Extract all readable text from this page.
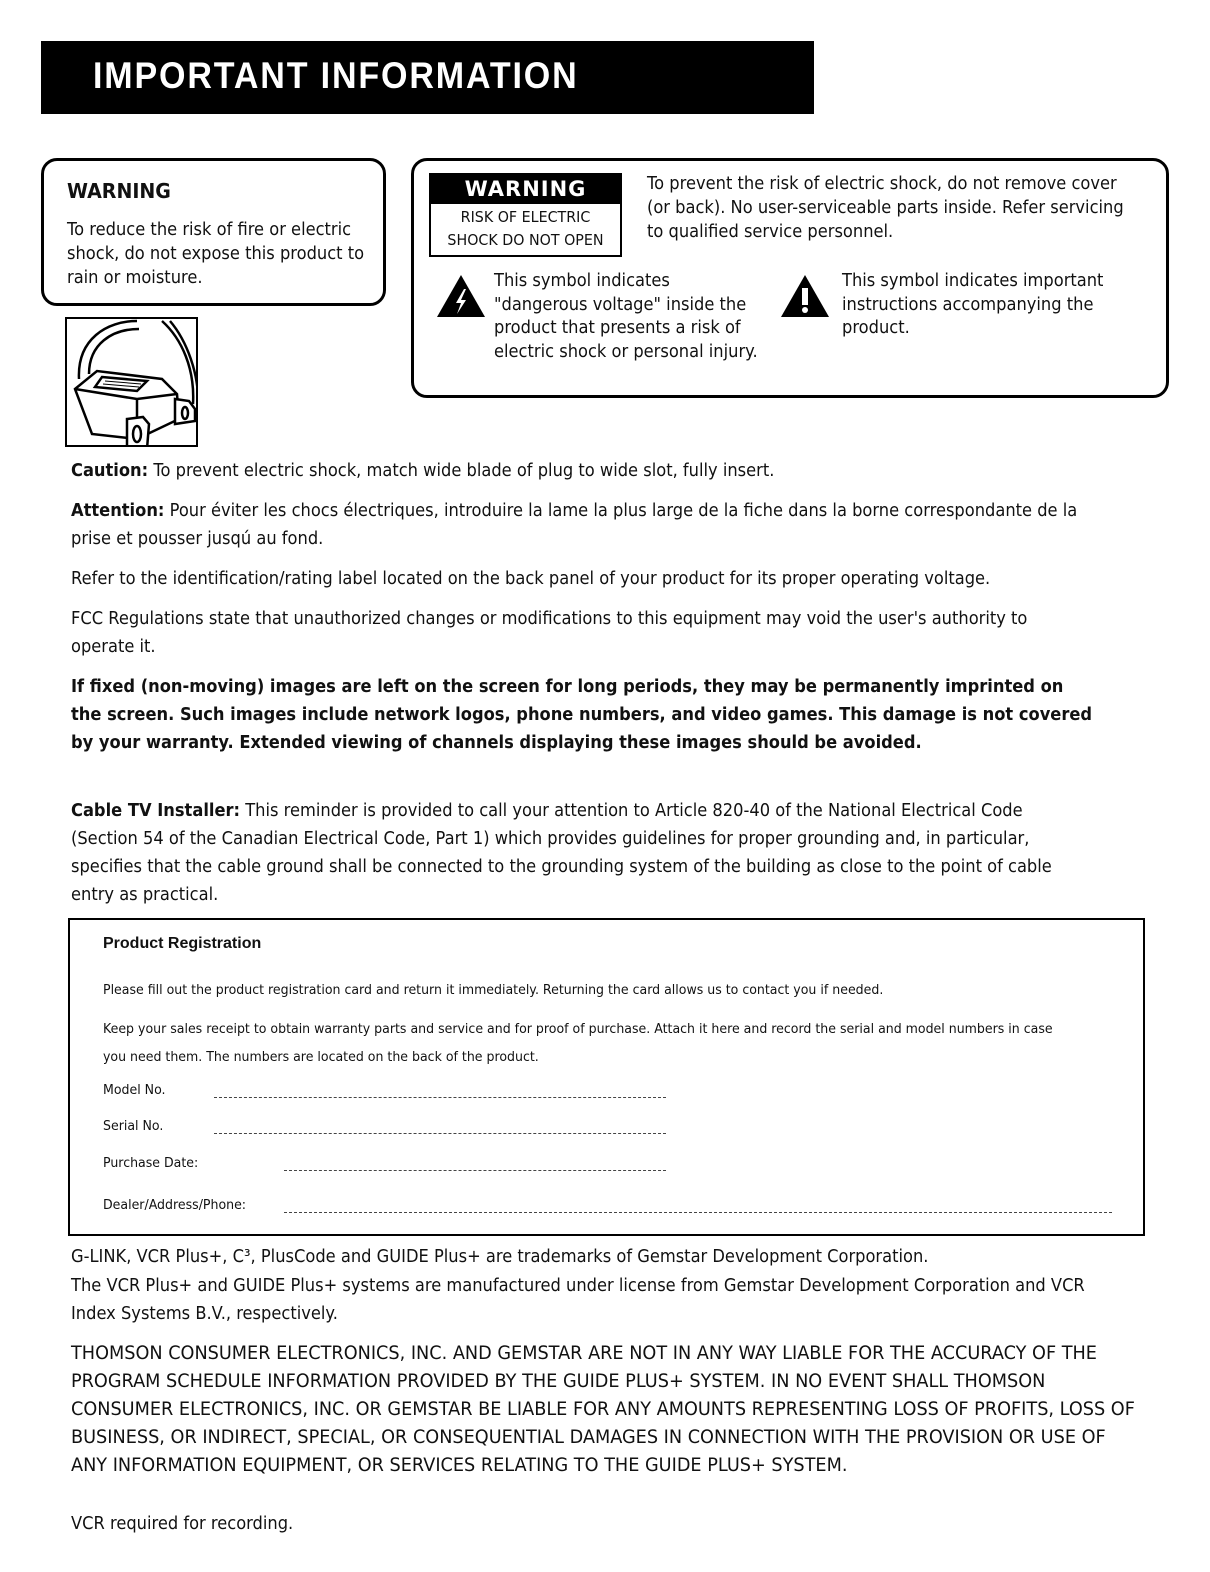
IMPORTANT INFORMATION
WARNING
To reduce the risk of fire or electric shock, do not expose this product to rain or moisture.
WARNING
RISK OF ELECTRIC
SHOCK DO NOT OPEN
To prevent the risk of electric shock, do not remove cover (or back). No user-serviceable parts inside. Refer servicing to qualified service personnel.
This symbol indicates "dangerous voltage" inside the product that presents a risk of electric shock or personal injury.
This symbol indicates important instructions accompanying the product.
Caution: To prevent electric shock, match wide blade of plug to wide slot, fully insert.
Attention: Pour éviter les chocs électriques, introduire la lame la plus large de la fiche dans la borne correspondante de la prise et pousser jusqú au fond.
Refer to the identification/rating label located on the back panel of your product for its proper operating voltage.
FCC Regulations state that unauthorized changes or modifications to this equipment may void the user's authority to operate it.
If fixed (non-moving) images are left on the screen for long periods, they may be permanently imprinted on the screen. Such images include network logos, phone numbers, and video games. This damage is not covered by your warranty. Extended viewing of channels displaying these images should be avoided.
Cable TV Installer: This reminder is provided to call your attention to Article 820-40 of the National Electrical Code (Section 54 of the Canadian Electrical Code, Part 1) which provides guidelines for proper grounding and, in particular, specifies that the cable ground shall be connected to the grounding system of the building as close to the point of cable entry as practical.
Product Registration
Please fill out the product registration card and return it immediately. Returning the card allows us to contact you if needed.
Keep your sales receipt to obtain warranty parts and service and for proof of purchase. Attach it here and record the serial and model numbers in case you need them. The numbers are located on the back of the product.
Model No.
Serial No.
Purchase Date:
Dealer/Address/Phone:
G-LINK, VCR Plus+, C³, PlusCode and GUIDE Plus+ are trademarks of Gemstar Development Corporation.
The VCR Plus+ and GUIDE Plus+ systems are manufactured under license from Gemstar Development Corporation and VCR Index Systems B.V., respectively.
THOMSON CONSUMER ELECTRONICS, INC. AND GEMSTAR ARE NOT IN ANY WAY LIABLE FOR THE ACCURACY OF THE PROGRAM SCHEDULE INFORMATION PROVIDED BY THE GUIDE PLUS+ SYSTEM. IN NO EVENT SHALL THOMSON CONSUMER ELECTRONICS, INC. OR GEMSTAR BE LIABLE FOR ANY AMOUNTS REPRESENTING LOSS OF PROFITS, LOSS OF BUSINESS, OR INDIRECT, SPECIAL, OR CONSEQUENTIAL DAMAGES IN CONNECTION WITH THE PROVISION OR USE OF ANY INFORMATION EQUIPMENT, OR SERVICES RELATING TO THE GUIDE PLUS+ SYSTEM.
VCR required for recording.
